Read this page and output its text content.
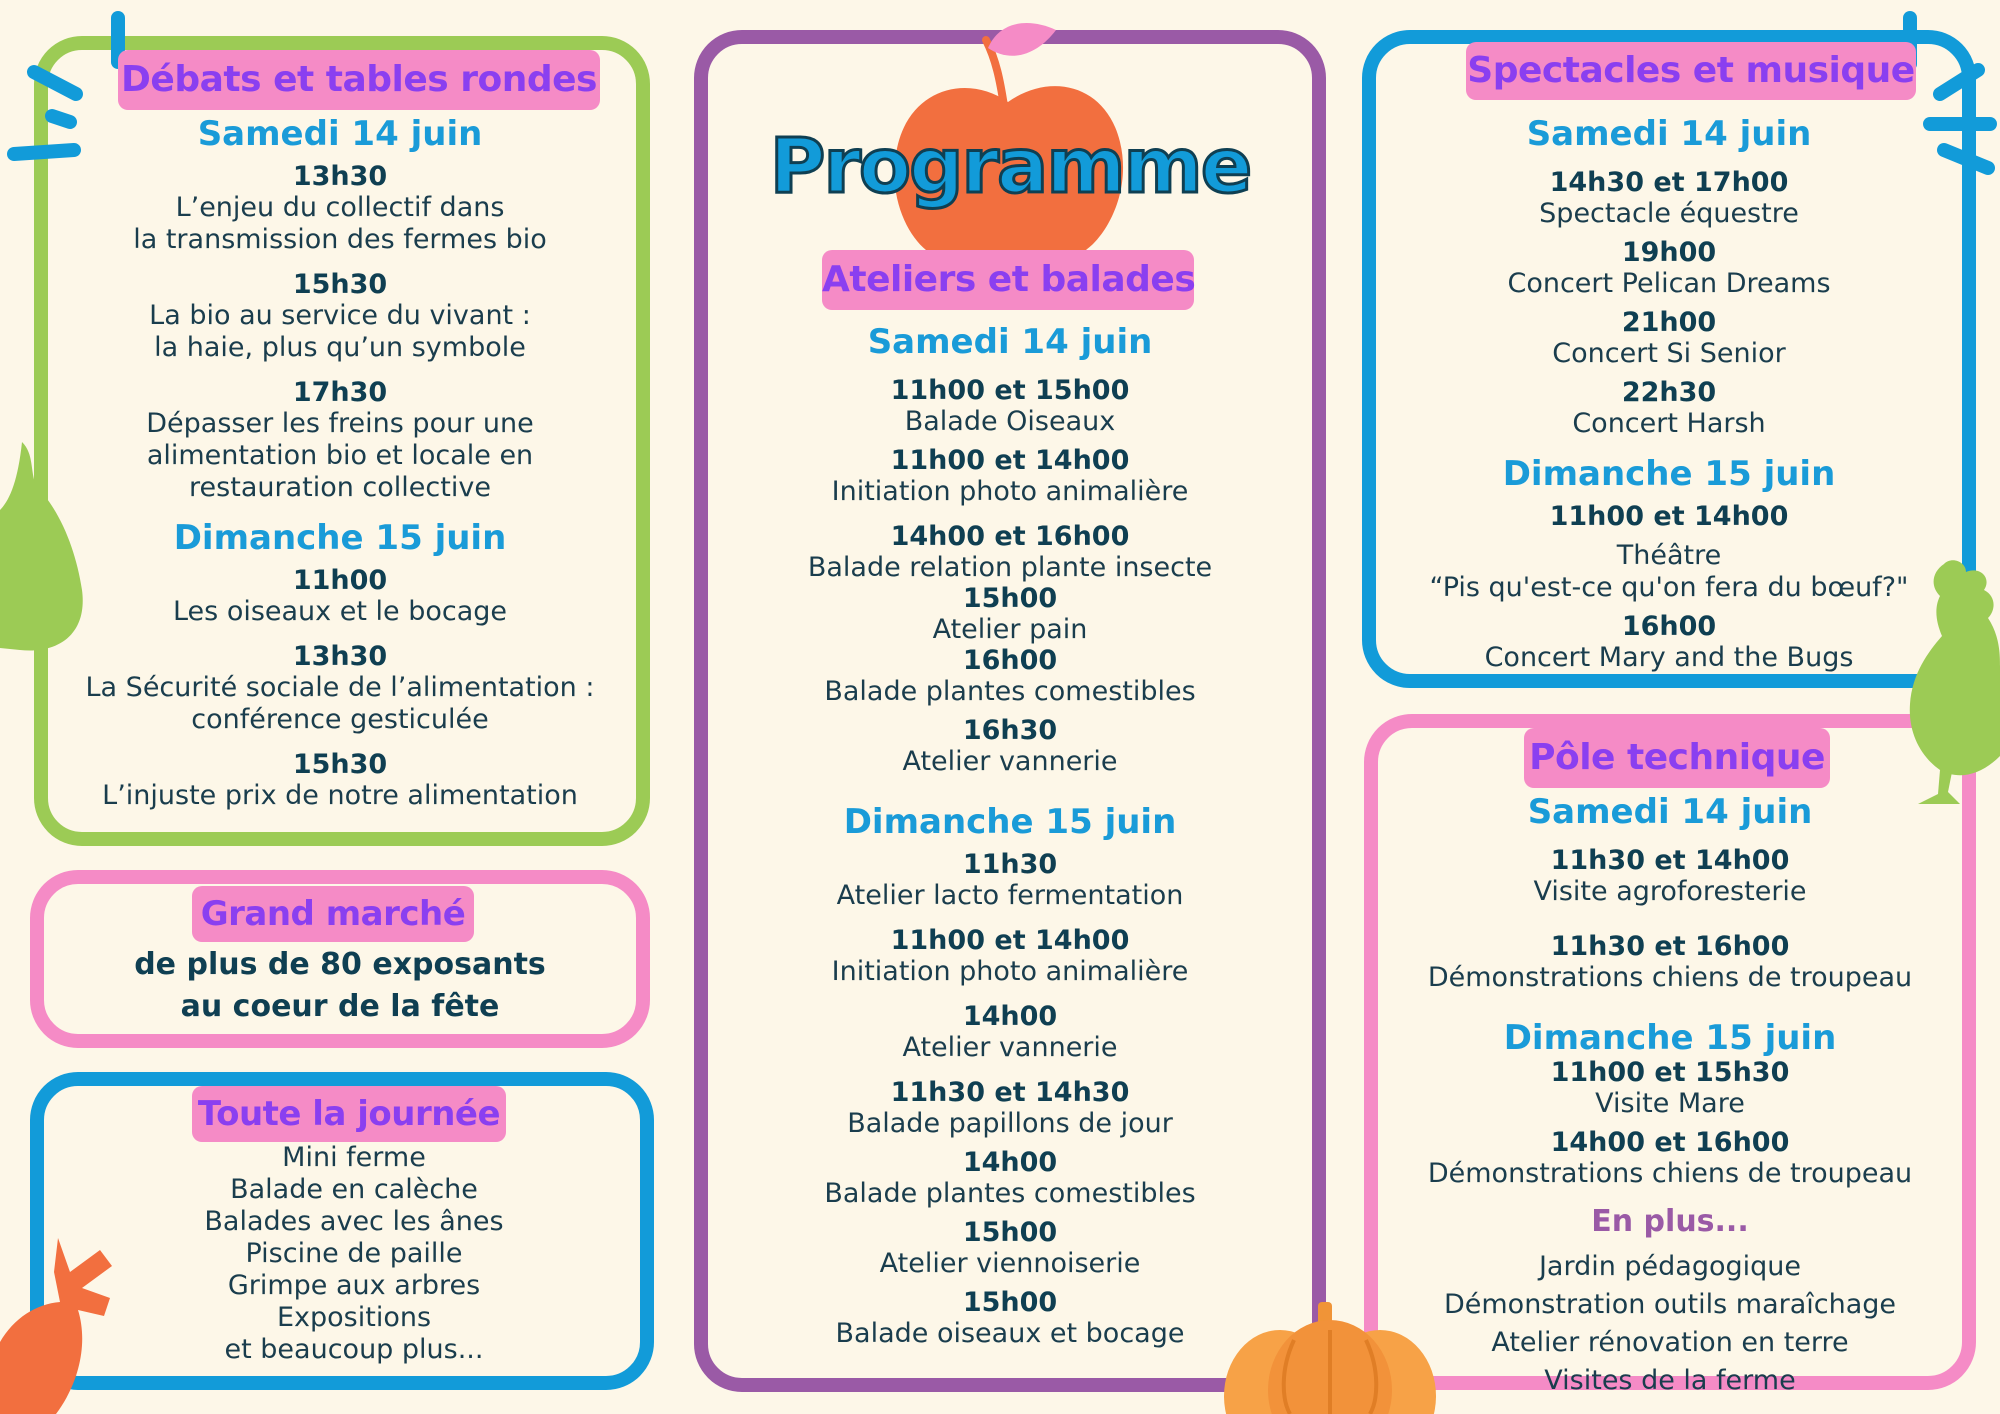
Programme
Débats et tables rondes
Grand marché
Toute la journée
Ateliers et balades
Spectacles et musique
Pôle technique

Samedi 14 juin

13h30

L’enjeu du collectif dans

la transmission des fermes bio

15h30

La bio au service du vivant :

la haie, plus qu’un symbole

17h30

Dépasser les freins pour une

alimentation bio et locale en

restauration collective

Dimanche 15 juin

11h00

Les oiseaux et le bocage

13h30

La Sécurité sociale de l’alimentation :

conférence gesticulée

15h30

L’injuste prix de notre alimentation

de plus de 80 exposants

au coeur de la fête

Mini ferme

Balade en calèche

Balades avec les ânes

Piscine de paille

Grimpe aux arbres

Expositions

et beaucoup plus...

Samedi 14 juin

11h00 et 15h00

Balade Oiseaux

11h00 et 14h00

Initiation photo animalière

14h00 et 16h00

Balade relation plante insecte

15h00

Atelier pain

16h00

Balade plantes comestibles

16h30

Atelier vannerie

Dimanche 15 juin

11h30

Atelier lacto fermentation

11h00 et 14h00

Initiation photo animalière

14h00

Atelier vannerie

11h30 et 14h30

Balade papillons de jour

14h00

Balade plantes comestibles

15h00

Atelier viennoiserie

15h00

Balade oiseaux et bocage

Samedi 14 juin

14h30 et 17h00

Spectacle équestre

19h00

Concert Pelican Dreams

21h00

Concert Si Senior

22h30

Concert Harsh

Dimanche 15 juin

11h00 et 14h00

Théâtre

“Pis qu'est-ce qu'on fera du bœuf?"

16h00

Concert Mary and the Bugs

Samedi 14 juin

11h30 et 14h00

Visite agroforesterie

11h30 et 16h00

Démonstrations chiens de troupeau

Dimanche 15 juin

11h00 et 15h30

Visite Mare

14h00 et 16h00

Démonstrations chiens de troupeau

En plus...

Jardin pédagogique

Démonstration outils maraîchage

Atelier rénovation en terre

Visites de la ferme
